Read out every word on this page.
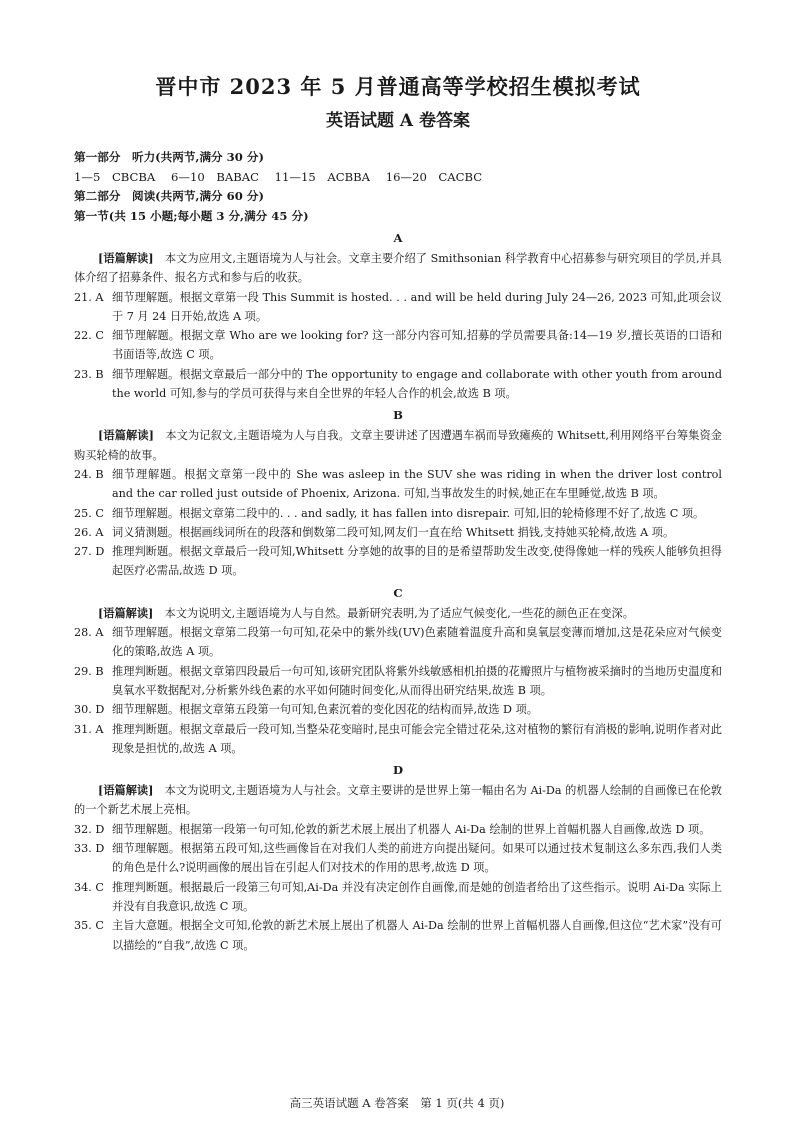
晋中市 2023 年 5 月普通高等学校招生模拟考试
英语试题 A 卷答案

第一部分　听力(共两节,满分 30 分)

1—5　CBCBA 6—10　BABAC 11—15　ACBBA 16—20　CACBC

第二部分　阅读(共两节,满分 60 分)

第一节(共 15 小题;每小题 3 分,满分 45 分)

A

[语篇解读]　本文为应用文,主题语境为人与社会。文章主要介绍了 Smithsonian 科学教育中心招募参与研究项目的学员,并具体介绍了招募条件、报名方式和参与后的收获。

21. A 细节理解题。根据文章第一段 This Summit is hosted. . . and will be held during July 24—26, 2023 可知,此项会议于 7 月 24 日开始,故选 A 项。
22. C 细节理解题。根据文章 Who are we looking for? 这一部分内容可知,招募的学员需要具备:14—19 岁,擅长英语的口语和书面语等,故选 C 项。
23. B 细节理解题。根据文章最后一部分中的 The opportunity to engage and collaborate with other youth from around the world 可知,参与的学员可获得与来自全世界的年轻人合作的机会,故选 B 项。
B

[语篇解读]　本文为记叙文,主题语境为人与自我。文章主要讲述了因遭遇车祸而导致瘫痪的 Whitsett,利用网络平台筹集资金购买轮椅的故事。

24. B 细节理解题。根据文章第一段中的 She was asleep in the SUV she was riding in when the driver lost control and the car rolled just outside of Phoenix, Arizona. 可知,当事故发生的时候,她正在车里睡觉,故选 B 项。
25. C 细节理解题。根据文章第二段中的. . . and sadly, it has fallen into disrepair. 可知,旧的轮椅修理不好了,故选 C 项。
26. A 词义猜测题。根据画线词所在的段落和倒数第二段可知,网友们一直在给 Whitsett 捐钱,支持她买轮椅,故选 A 项。
27. D 推理判断题。根据文章最后一段可知,Whitsett 分享她的故事的目的是希望帮助发生改变,使得像她一样的残疾人能够负担得起医疗必需品,故选 D 项。
C

[语篇解读]　本文为说明文,主题语境为人与自然。最新研究表明,为了适应气候变化,一些花的颜色正在变深。

28. A 细节理解题。根据文章第二段第一句可知,花朵中的紫外线(UV)色素随着温度升高和臭氧层变薄而增加,这是花朵应对气候变化的策略,故选 A 项。
29. B 推理判断题。根据文章第四段最后一句可知,该研究团队将紫外线敏感相机拍摄的花瓣照片与植物被采摘时的当地历史温度和臭氧水平数据配对,分析紫外线色素的水平如何随时间变化,从而得出研究结果,故选 B 项。
30. D 细节理解题。根据文章第五段第一句可知,色素沉着的变化因花的结构而异,故选 D 项。
31. A 推理判断题。根据文章最后一段可知,当整朵花变暗时,昆虫可能会完全错过花朵,这对植物的繁衍有消极的影响,说明作者对此现象是担忧的,故选 A 项。
D

[语篇解读]　本文为说明文,主题语境为人与社会。文章主要讲的是世界上第一幅由名为 Ai-Da 的机器人绘制的自画像已在伦敦的一个新艺术展上亮相。

32. D 细节理解题。根据第一段第一句可知,伦敦的新艺术展上展出了机器人 Ai-Da 绘制的世界上首幅机器人自画像,故选 D 项。
33. D 细节理解题。根据第五段可知,这些画像旨在对我们人类的前进方向提出疑问。如果可以通过技术复制这么多东西,我们人类的角色是什么?说明画像的展出旨在引起人们对技术的作用的思考,故选 D 项。
34. C 推理判断题。根据最后一段第三句可知,Ai-Da 并没有决定创作自画像,而是她的创造者给出了这些指示。说明 Ai-Da 实际上并没有自我意识,故选 C 项。
35. C 主旨大意题。根据全文可知,伦敦的新艺术展上展出了机器人 Ai-Da 绘制的世界上首幅机器人自画像,但这位“艺术家”没有可以描绘的“自我”,故选 C 项。
高三英语试题 A 卷答案　第 1 页(共 4 页)
